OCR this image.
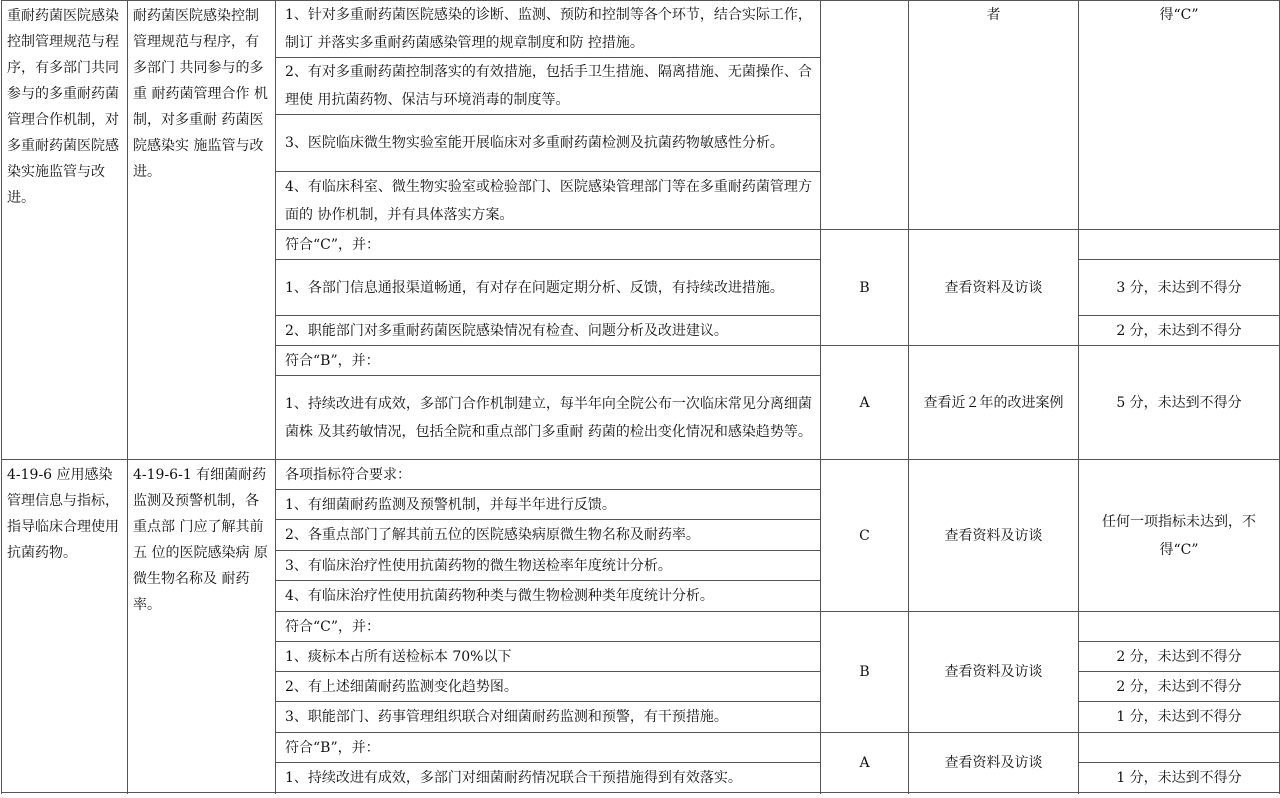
重耐药菌医院感染控制管理规范与程序，有多部门共同参与的多重耐药菌管理合作机制，对多重耐药菌医院感染实施监管与改进。	耐药菌医院感染控制管理规范与程序，有多部门 共同参与的多重 耐药菌管理合作 机制，对多重耐 药菌医院感染实 施监管与改进。	1、针对多重耐药菌医院感染的诊断、监测、预防和控制等各个环节，结合实际工作，制订 并落实多重耐药菌感染管理的规章制度和防 控措施。		者	得“C”
		2、有对多重耐药菌控制落实的有效措施，包括手卫生措施、隔离措施、无菌操作、合理使 用抗菌药物、保洁与环境消毒的制度等。			
		3、医院临床微生物实验室能开展临床对多重耐药菌检测及抗菌药物敏感性分析。			
		4、有临床科室、微生物实验室或检验部门、医院感染管理部门等在多重耐药菌管理方面的 协作机制，并有具体落实方案。			
		符合“C”，并：	B	查看资料及访谈	
		1、各部门信息通报渠道畅通，有对存在问题定期分析、反馈，有持续改进措施。			3 分，未达到不得分
		2、职能部门对多重耐药菌医院感染情况有检查、问题分析及改进建议。			2 分，未达到不得分
		符合“B”，并：	A	查看近２年的改进案例	5 分，未达到不得分
		1、持续改进有成效，多部门合作机制建立，每半年向全院公布一次临床常见分离细菌菌株 及其药敏情况，包括全院和重点部门多重耐 药菌的检出变化情况和感染趋势等。			

4-19-6 应用感染管理信息与指标，指导临床合理使用抗菌药物。	4-19-6-1 有细菌耐药监测及预警机制，各重点部 门应了解其前五 位的医院感染病 原微生物名称及 耐药率。	各项指标符合要求：	C	查看资料及访谈	任何一项指标未达到，不得“C”
		1、有细菌耐药监测及预警机制，并每半年进行反馈。			
		2、各重点部门了解其前五位的医院感染病原微生物名称及耐药率。			
		3、有临床治疗性使用抗菌药物的微生物送检率年度统计分析。			
		4、有临床治疗性使用抗菌药物种类与微生物检测种类年度统计分析。			
		符合“C”，并：	B	查看资料及访谈	
		1、痰标本占所有送检标本 70%以下			2 分，未达到不得分
		2、有上述细菌耐药监测变化趋势图。			2 分，未达到不得分
		3、职能部门、药事管理组织联合对细菌耐药监测和预警，有干预措施。			1 分，未达到不得分
		符合“B”，并：	A	查看资料及访谈	
		1、持续改进有成效，多部门对细菌耐药情况联合干预措施得到有效落实。			1 分，未达到不得分
